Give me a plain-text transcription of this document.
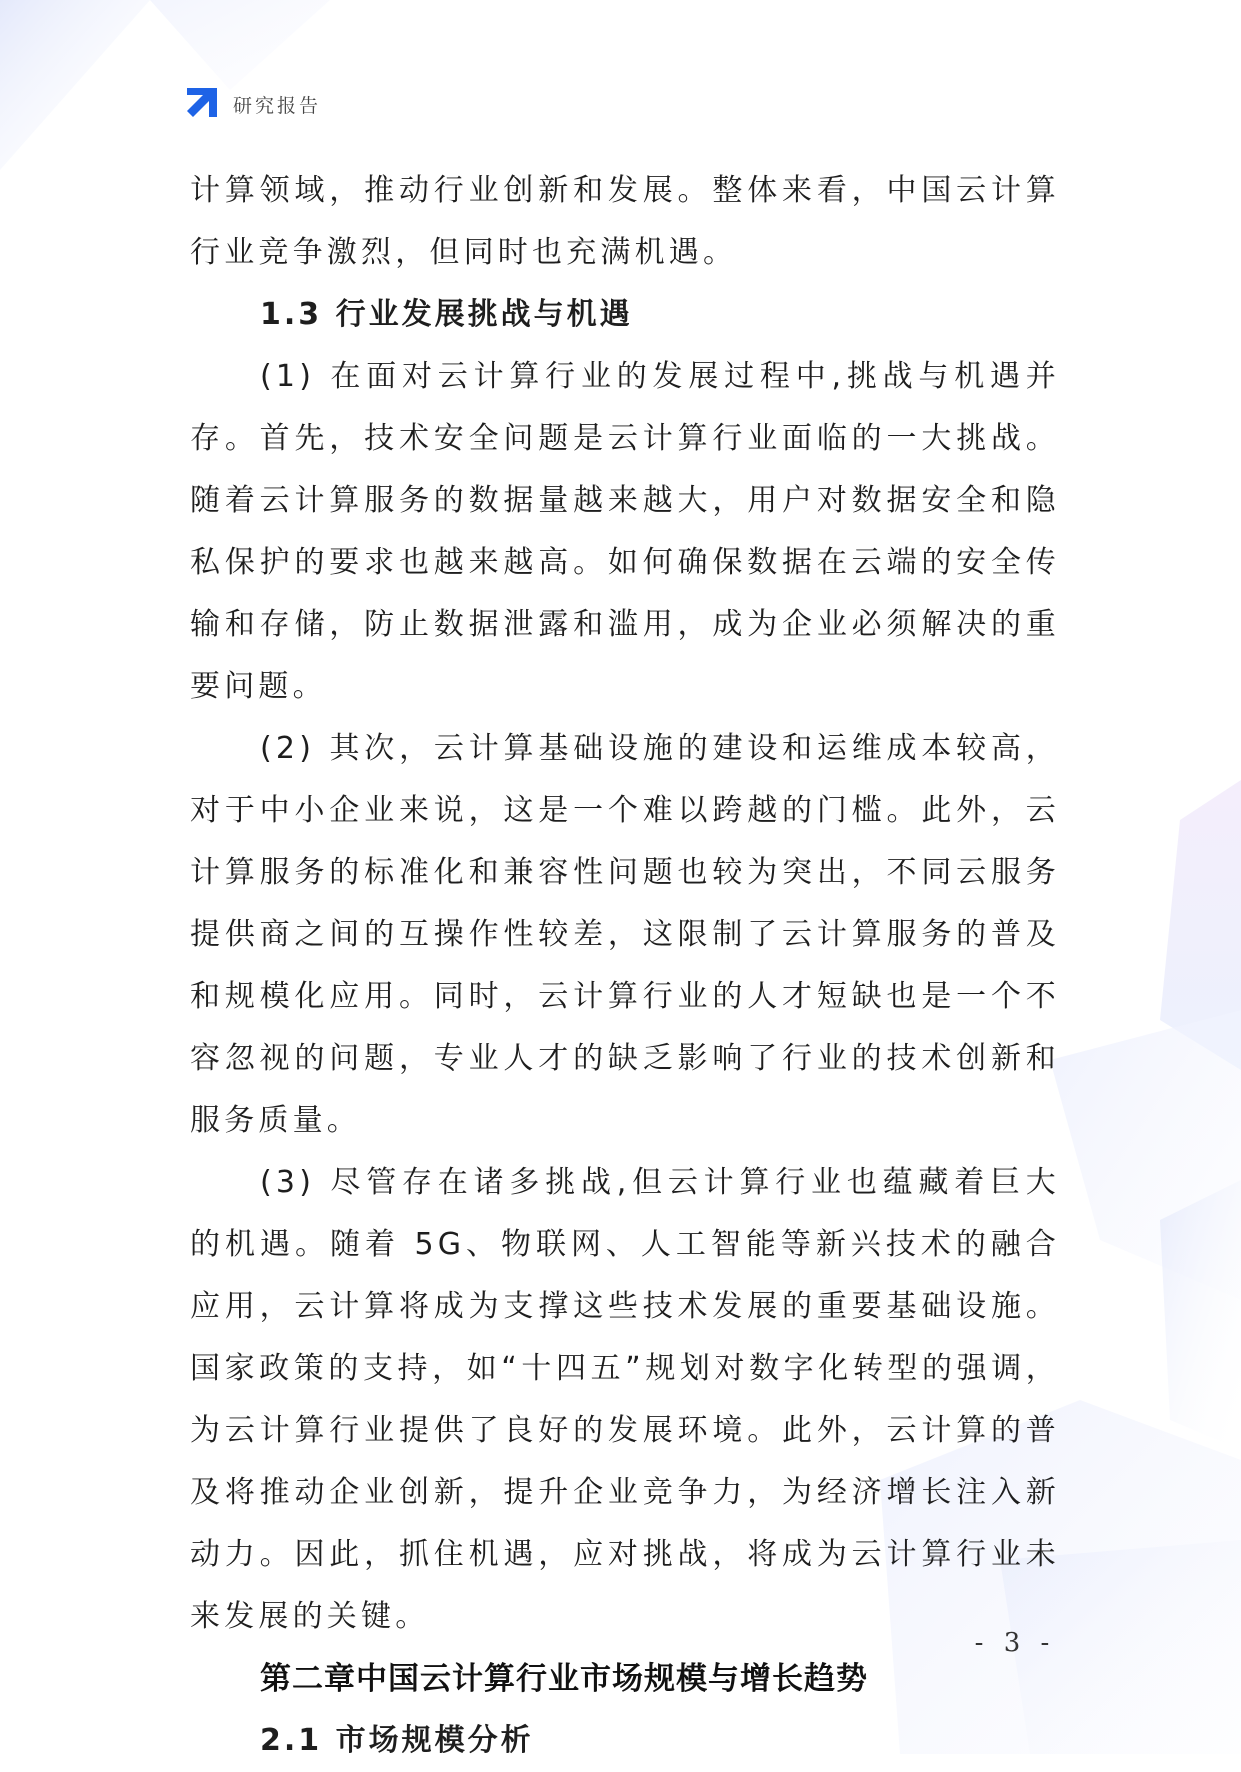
研究报告

计算领域，推动行业创新和发展。整体来看，中国云计算行业竞争激烈，但同时也充满机遇。

1.3 行业发展挑战与机遇

(1) 在面对云计算行业的发展过程中,挑战与机遇并存。首先，技术安全问题是云计算行业面临的一大挑战。随着云计算服务的数据量越来越大，用户对数据安全和隐私保护的要求也越来越高。如何确保数据在云端的安全传输和存储，防止数据泄露和滥用，成为企业必须解决的重要问题。

(2) 其次，云计算基础设施的建设和运维成本较高，对于中小企业来说，这是一个难以跨越的门槛。此外，云计算服务的标准化和兼容性问题也较为突出，不同云服务提供商之间的互操作性较差，这限制了云计算服务的普及和规模化应用。同时，云计算行业的人才短缺也是一个不容忽视的问题，专业人才的缺乏影响了行业的技术创新和服务质量。

(3) 尽管存在诸多挑战,但云计算行业也蕴藏着巨大的机遇。随着 5G、物联网、人工智能等新兴技术的融合应用，云计算将成为支撑这些技术发展的重要基础设施。国家政策的支持，如“十四五”规划对数字化转型的强调，为云计算行业提供了良好的发展环境。此外，云计算的普及将推动企业创新，提升企业竞争力，为经济增长注入新动力。因此，抓住机遇，应对挑战，将成为云计算行业未来发展的关键。

第二章中国云计算行业市场规模与增长趋势
2.1 市场规模分析
- 3 -
